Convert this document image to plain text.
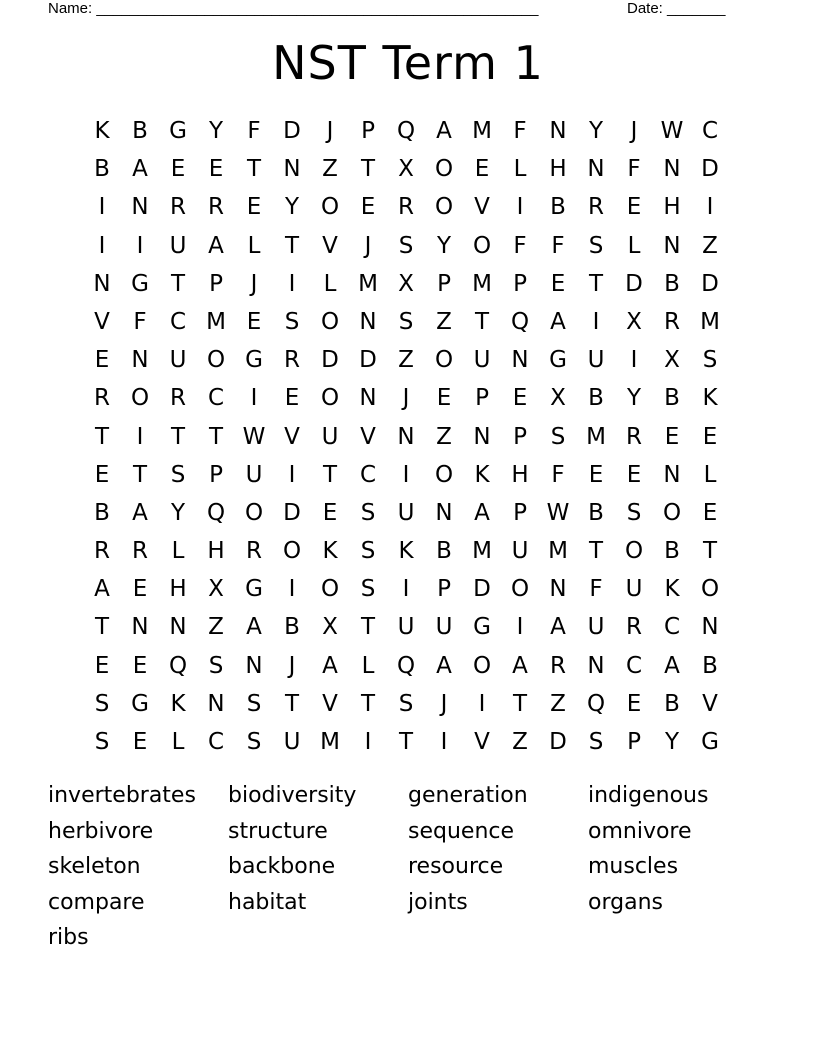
Name: _____________________________________________________	Date: _______
NST Term 1
K B G Y	F D	J	P Q A M F N Y	J	W C
B A E	E	T N Z	T	X O E	L H N F N D
I	N R R E	Y O E R O V	I	B R E H	I
I	I	U A	L	T	V	J	S	Y O F	F	S	L N Z
N G T	P	J	I	L M X	P M P	E	T D B D
V	F	C M E	S O N S Z	T Q A	I	X R M
E N U O G R D D Z O U N G U	I	X S
R O R C	I	E O N	J	E	P	E X B	Y	B K
T	I	T	T W V U V N Z N P	S M R E	E
E	T	S	P U	I	T C	I	O K H F	E	E N L
B A	Y Q O D E	S U N A	P W B S O E
R R	L H R O K	S	K B M U M T O B	T
A E H X G	I	O S	I	P D O N F U K O
T N N Z A B X	T U U G	I	A U R C N
E	E Q S N	J	A	L Q A O A R N C A B
S G K N S	T	V	T	S	J	I	T	Z Q E B V
S	E	L	C S U M	I	T	I	V Z D S	P	Y G
invertebrates	biodiversity	generation	indigenous
herbivore	structure	sequence	omnivore
skeleton	backbone	resource	muscles
compare	habitat	joints	organs
ribs
